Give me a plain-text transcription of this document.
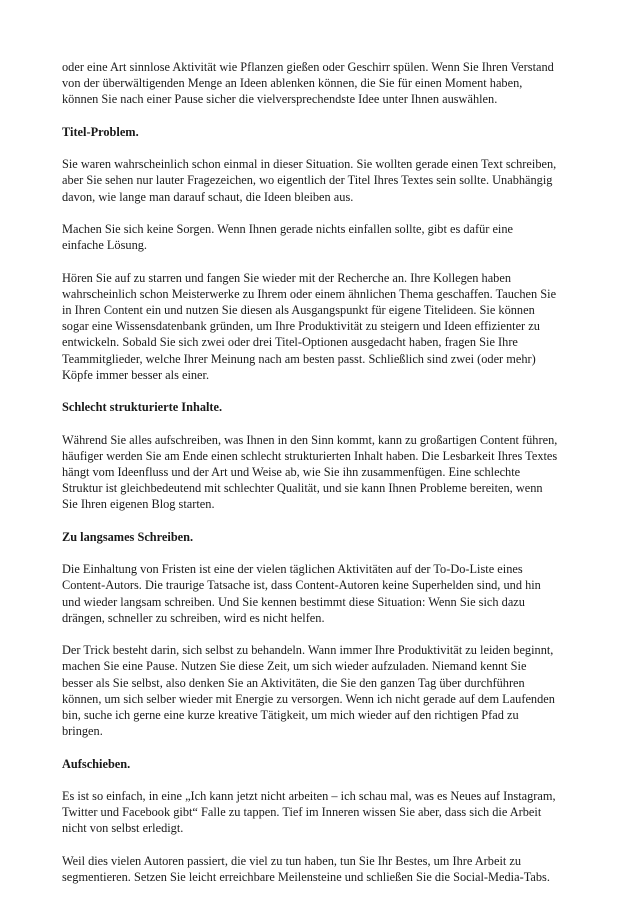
oder eine Art sinnlose Aktivität wie Pflanzen gießen oder Geschirr spülen. Wenn Sie Ihren Verstand
von der überwältigenden Menge an Ideen ablenken können, die Sie für einen Moment haben,
können Sie nach einer Pause sicher die vielversprechendste Idee unter Ihnen auswählen.

Titel-Problem.

Sie waren wahrscheinlich schon einmal in dieser Situation. Sie wollten gerade einen Text schreiben,
aber Sie sehen nur lauter Fragezeichen, wo eigentlich der Titel Ihres Textes sein sollte. Unabhängig
davon, wie lange man darauf schaut, die Ideen bleiben aus.

Machen Sie sich keine Sorgen. Wenn Ihnen gerade nichts einfallen sollte, gibt es dafür eine
einfache Lösung.

Hören Sie auf zu starren und fangen Sie wieder mit der Recherche an. Ihre Kollegen haben
wahrscheinlich schon Meisterwerke zu Ihrem oder einem ähnlichen Thema geschaffen. Tauchen Sie
in Ihren Content ein und nutzen Sie diesen als Ausgangspunkt für eigene Titelideen. Sie können
sogar eine Wissensdatenbank gründen, um Ihre Produktivität zu steigern und Ideen effizienter zu
entwickeln. Sobald Sie sich zwei oder drei Titel-Optionen ausgedacht haben, fragen Sie Ihre
Teammitglieder, welche Ihrer Meinung nach am besten passt. Schließlich sind zwei (oder mehr)
Köpfe immer besser als einer.

Schlecht strukturierte Inhalte.

Während Sie alles aufschreiben, was Ihnen in den Sinn kommt, kann zu großartigen Content führen,
häufiger werden Sie am Ende einen schlecht strukturierten Inhalt haben. Die Lesbarkeit Ihres Textes
hängt vom Ideenfluss und der Art und Weise ab, wie Sie ihn zusammenfügen. Eine schlechte
Struktur ist gleichbedeutend mit schlechter Qualität, und sie kann Ihnen Probleme bereiten, wenn
Sie Ihren eigenen Blog starten.

Zu langsames Schreiben.

Die Einhaltung von Fristen ist eine der vielen täglichen Aktivitäten auf der To-Do-Liste eines
Content-Autors. Die traurige Tatsache ist, dass Content-Autoren keine Superhelden sind, und hin
und wieder langsam schreiben. Und Sie kennen bestimmt diese Situation: Wenn Sie sich dazu
drängen, schneller zu schreiben, wird es nicht helfen.

Der Trick besteht darin, sich selbst zu behandeln. Wann immer Ihre Produktivität zu leiden beginnt,
machen Sie eine Pause. Nutzen Sie diese Zeit, um sich wieder aufzuladen. Niemand kennt Sie
besser als Sie selbst, also denken Sie an Aktivitäten, die Sie den ganzen Tag über durchführen
können, um sich selber wieder mit Energie zu versorgen. Wenn ich nicht gerade auf dem Laufenden
bin, suche ich gerne eine kurze kreative Tätigkeit, um mich wieder auf den richtigen Pfad zu
bringen.

Aufschieben.

Es ist so einfach, in eine „Ich kann jetzt nicht arbeiten – ich schau mal, was es Neues auf Instagram,
Twitter und Facebook gibt“ Falle zu tappen. Tief im Inneren wissen Sie aber, dass sich die Arbeit
nicht von selbst erledigt.

Weil dies vielen Autoren passiert, die viel zu tun haben, tun Sie Ihr Bestes, um Ihre Arbeit zu
segmentieren. Setzen Sie leicht erreichbare Meilensteine und schließen Sie die Social-Media-Tabs.
